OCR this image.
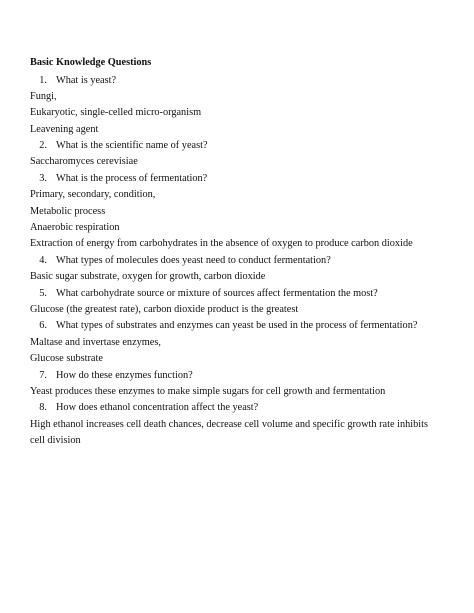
Basic Knowledge Questions
1. What is yeast?
Fungi,
Eukaryotic, single-celled micro-organism
Leavening agent
2. What is the scientific name of yeast?
Saccharomyces cerevisiae
3. What is the process of fermentation?
Primary, secondary, condition,
Metabolic process
Anaerobic respiration
Extraction of energy from carbohydrates in the absence of oxygen to produce carbon dioxide
4. What types of molecules does yeast need to conduct fermentation?
Basic sugar substrate, oxygen for growth, carbon dioxide
5. What carbohydrate source or mixture of sources affect fermentation the most?
Glucose (the greatest rate), carbon dioxide product is the greatest
6. What types of substrates and enzymes can yeast be used in the process of fermentation?
Maltase and invertase enzymes,
Glucose substrate
7. How do these enzymes function?
Yeast produces these enzymes to make simple sugars for cell growth and fermentation
8. How does ethanol concentration affect the yeast?
High ethanol increases cell death chances, decrease cell volume and specific growth rate inhibits cell division
